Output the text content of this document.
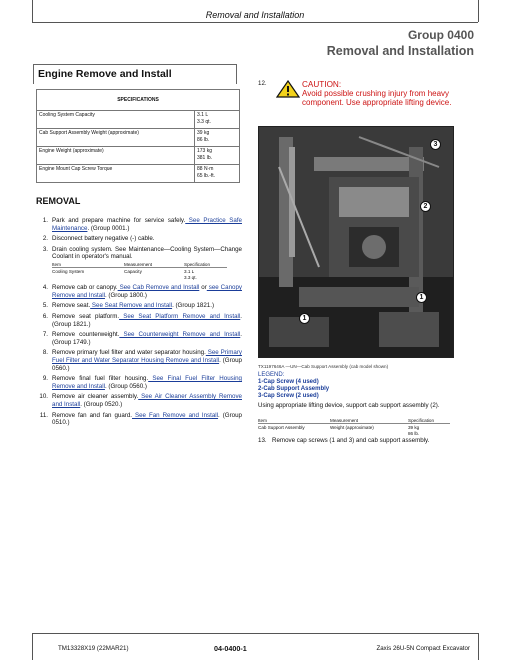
Removal and Installation
Group 0400
Removal and Installation
Engine Remove and Install
SPECIFICATIONS	
Cooling System Capacity	3.1 L
3.3 qt.
Cab Support Assembly Weight (approximate)	39 kg
86 lb.
Engine Weight (approximate)	173 kg
381 lb.
Engine Mount Cap Screw Torque	88 N·m
65 lb.-ft.
REMOVAL
1. Park and prepare machine for service safely. See Practice Safe Maintenance. (Group 0001.)
2. Disconnect battery negative (-) cable.
3. Drain cooling system. See Maintenance—Cooling System—Change Coolant in operator's manual.
Item	Measurement	Specification
Cooling System	Capacity	3.1 L
3.3 qt.
4. Remove cab or canopy. See Cab Remove and Install or see Canopy Remove and Install. (Group 1800.)
5. Remove seat. See Seat Remove and Install. (Group 1821.)
6. Remove seat platform. See Seat Platform Remove and Install. (Group 1821.)
7. Remove counterweight. See Counterweight Remove and Install. (Group 1749.)
8. Remove primary fuel filter and water separator housing. See Primary Fuel Filter and Water Separator Housing Remove and Install. (Group 0560.)
9. Remove final fuel filter housing. See Final Fuel Filter Housing Remove and Install. (Group 0560.)
10. Remove air cleaner assembly. See Air Cleaner Assembly Remove and Install. (Group 0520.)
11. Remove fan and fan guard. See Fan Remove and Install. (Group 0510.)
12.	CAUTION:
Avoid possible crushing injury from heavy component. Use appropriate lifting device.
3
2
1
1
TX1197646A —UN—Cab Support Assembly (cab model shown)
LEGEND:
1-Cap Screw (4 used)
2-Cab Support Assembly
3-Cap Screw (2 used)
Using appropriate lifting device, support cab support assembly (2).
Item	Measurement	Specification
Cab Support Assembly	Weight (approximate)	39 kg
86 lb.
13. Remove cap screws (1 and 3) and cab support assembly.
TM13328X19 (22MAR21)	04-0400-1	Zaxis 26U-5N Compact Excavator
